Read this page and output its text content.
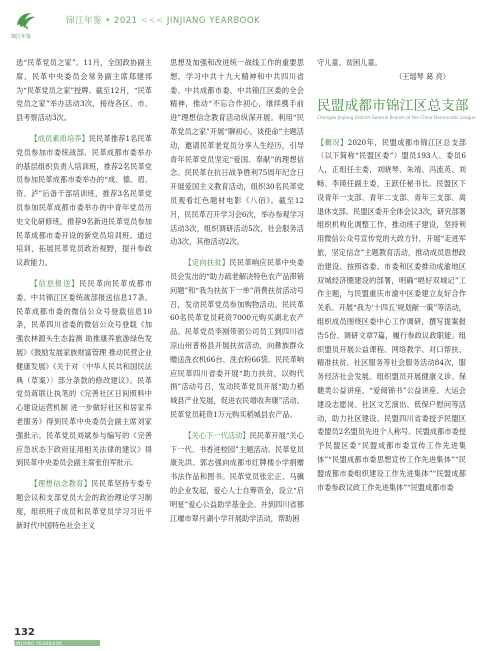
锦江年鉴
锦江年鉴 • 2021 <<< JINJIANG YEARBOOK

选“民革党员之家”。11月，全国政协副主席、民革中央委员会常务副主席郑建邦为“民革党员之家”授牌。截至12月，“民革党员之家”举办活动3次，接待各区、市、县考察活动3次。

【成员素质培养】民民革推荐1名民革党员参加市委统战部、民革成都市委举办的基层组织负责人培训班，推荐2名民革党员参加民革成都市委举办的“成、德、眉、资、泸”后备干部培训班，推荐3名民革党员参加民革成都市委举办的中青年党员历史文化研修班，推荐9名新进民革党员参加民革成都市委开设的新党员培训班。通过培训，拓展民革党员政治视野，提升参政议政能力。

【信息报送】民民革向民革成都市委、中共锦江区委统战部报送信息17条。民革成都市委的微信公众号登载信息10条，民革四川省委的微信公众号登载《加强农林源头生态监测 助推康养旅游绿色发展》《鼓励发展家族财富管理 推动民营企业健康发展》《关于对〈中华人民共和国民法典（草案）〉部分条款的修改建议》。民革党员蒋联让执笔的《完善社区日间照料中心建设运营机制 进一步做好社区和居家养老服务》得到民革中央委员会副主席刘家强批示。民革党员刘斌参与编写的《完善应急状态下政府征用相关法律的建议》得到民革中央委员会副主席张伯军批示。

【理想信念教育】民民革坚持专委专题会议和支部党员大会的政治理论学习制度，组织班子成员和民革党员学习习近平新时代中国特色社会主义

思想及加强和改进统一战线工作的重要思想，学习中共十九大精神和中共四川省委、中共成都市委、中共锦江区委的全会精神，推动“不忘合作初心，继续携手前进”理想信念教育活动纵深开展。利用“民革党员之家”开展“聊初心，谈使命”主题活动，邀请民革老党员分享人生经历，引导青年民革党员坚定“爱国、奉献”的理想信念。民民革在抗日战争胜利75周年纪念日开展爱国主义教育活动，组织30名民革党员观看红色题材电影《八佰》。截至12月，民民革召开学习会6次，举办参观学习活动3次，组织调研活动5次，社会服务活动3次，其他活动2次。

【定向扶贫】民民革响应民革中央委员会发出的“助力疏老解决特色农产品滞销问题”和“我为扶贫下一单”消费扶贫活动号召，发动民革党员参加购物活动。民民革60名民革党员耗资7000元购买湖北农产品。民革党员李刚带领公司员工到四川省凉山州普格县开展扶贫活动，向彝族群众赠送洗衣机66台、洗衣粉66袋。民民革响应民革四川省委开展“助力扶贫，以购代捐”活动号召，发动民革党员开展“助力稻城县产业发展，促进农民增收奔康”活动。民革党员耗资1万元购买稻城县农产品。

【关心下一代活动】民民革开展“关心下一代、书香进校园”主题活动。民革党员康先洪、郭志强向成都市红牌楼小学捐赠书法作品和图书。民革党员张宏正、马骥的企业发起，爱心人士自筹资金，设立“启明星”爱心公益助学基金会。并到四川省都江堰市翠月湖小学开展助学活动，帮助困

守儿童、贫困儿童。

（王瑶琴 葛 亮）

民盟成都市锦江区总支部
Chengdu Jinjiang District General Branch of the China Democratic League

【概况】2020年，民盟成都市锦江区总支部（以下简称“民盟区委”）盟员193人、委员6人，正组任主委，刘晓琴、朱靖、冯流英、刘畅、李瑛任副主委，王跃任秘书长。民盟区下设青年一支部、青年二支部、青年三支部、离退休支部。民盟区委开全体会议3次，研究部署组织机构化调整工作，推动班子建设，坚持利用微信公众号宣传党的大政方针，开展“走进军旅，坚定信念”主题教育活动，推动成员思想政治建设。按照省委、市委和区委推动成渝地区双城经济圈建设的部署，明确“唱好双城记”工作主题，与民盟重庆市渝中区委建立友好合作关系。开展“我为‘十四五’规划献一策”等活动，组织成员围绕区委中心工作调研，撰写提案报告5份、调研文章7篇，履行参政议政职能。组织盟员开展公益课程、网络教学、对口帮扶、精准扶贫、社区服务等社会服务活动84次，服务经济社会发展。组织盟员开展健康义诊、保健类公益讲座、“爱阅锦书”公益讲座、大运会建设志愿岗、社区文艺演出、低保户慰问等活动，助力社区建设。民盟四川省委授予民盟区委盟员2名盟员先进个人称号。民盟成都市委授予民盟区委“民盟成都市委宣传工作先进集体”“民盟成都市委思想宣传工作先进集体”“民盟成都市委组织建设工作先进集体”“民盟成都市委参政议政工作先进集体”“民盟成都市委

132
JINJIANG YEARBOOK
